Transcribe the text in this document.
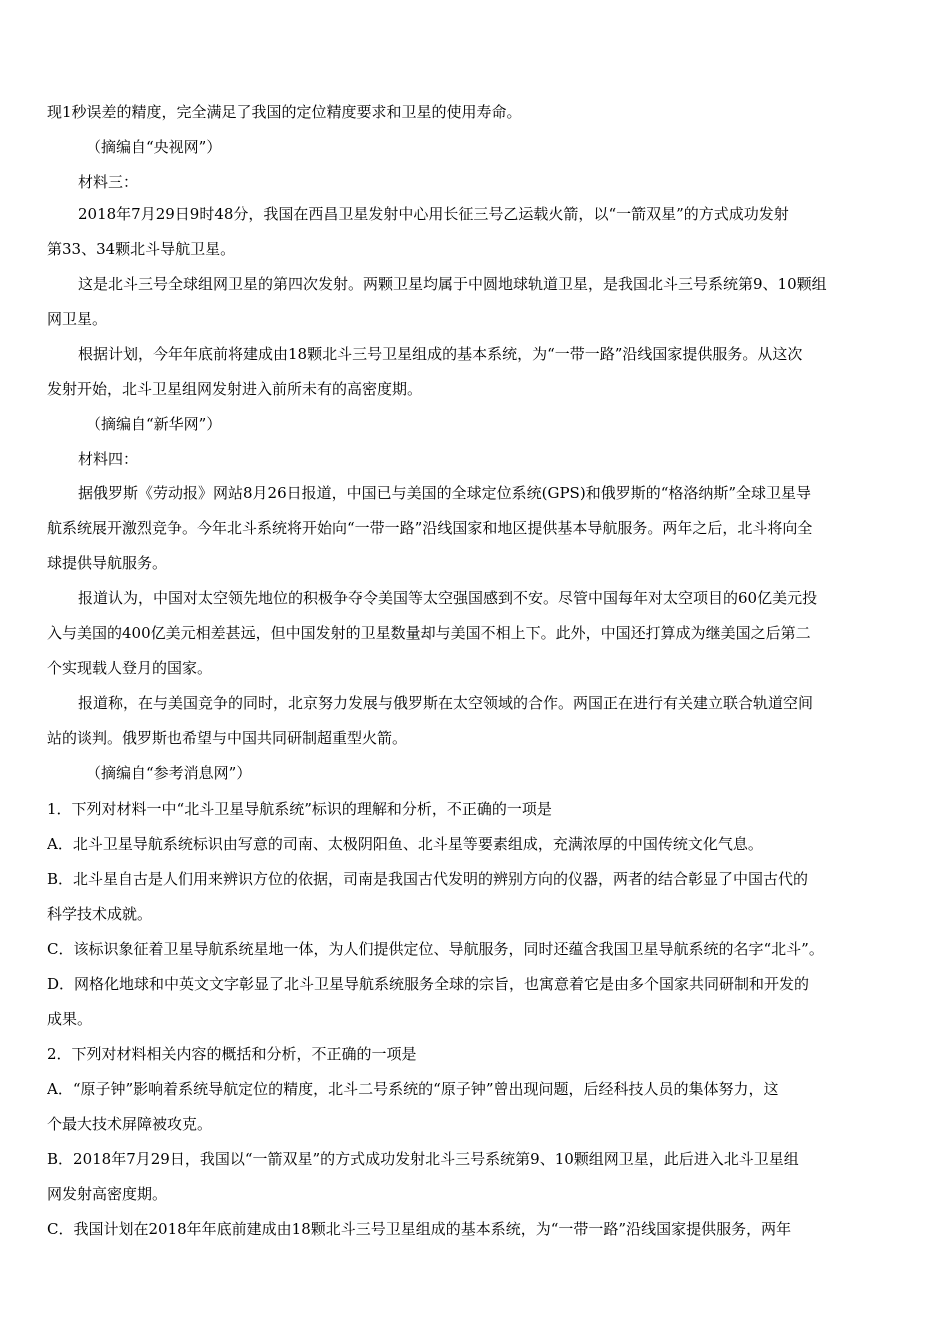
现1秒误差的精度，完全满足了我国的定位精度要求和卫星的使用寿命。
（摘编自“央视网”）
材料三：
2018年7月29日9时48分，我国在西昌卫星发射中心用长征三号乙运载火箭，以“一箭双星”的方式成功发射
第33、34颗北斗导航卫星。
这是北斗三号全球组网卫星的第四次发射。两颗卫星均属于中圆地球轨道卫星，是我国北斗三号系统第9、10颗组
网卫星。
根据计划，今年年底前将建成由18颗北斗三号卫星组成的基本系统，为“一带一路”沿线国家提供服务。从这次
发射开始，北斗卫星组网发射进入前所未有的高密度期。
（摘编自“新华网”）
材料四：
据俄罗斯《劳动报》网站8月26日报道，中国已与美国的全球定位系统(GPS)和俄罗斯的“格洛纳斯”全球卫星导
航系统展开激烈竞争。今年北斗系统将开始向“一带一路”沿线国家和地区提供基本导航服务。两年之后，北斗将向全
球提供导航服务。
报道认为，中国对太空领先地位的积极争夺令美国等太空强国感到不安。尽管中国每年对太空项目的60亿美元投
入与美国的400亿美元相差甚远，但中国发射的卫星数量却与美国不相上下。此外，中国还打算成为继美国之后第二
个实现载人登月的国家。
报道称，在与美国竞争的同时，北京努力发展与俄罗斯在太空领域的合作。两国正在进行有关建立联合轨道空间
站的谈判。俄罗斯也希望与中国共同研制超重型火箭。
（摘编自“参考消息网”）
1．下列对材料一中“北斗卫星导航系统”标识的理解和分析，不正确的一项是
A．北斗卫星导航系统标识由写意的司南、太极阴阳鱼、北斗星等要素组成，充满浓厚的中国传统文化气息。
B．北斗星自古是人们用来辨识方位的依据，司南是我国古代发明的辨别方向的仪器，两者的结合彰显了中国古代的
科学技术成就。
C．该标识象征着卫星导航系统星地一体，为人们提供定位、导航服务，同时还蕴含我国卫星导航系统的名字“北斗”。
D．网格化地球和中英文文字彰显了北斗卫星导航系统服务全球的宗旨，也寓意着它是由多个国家共同研制和开发的
成果。
2．下列对材料相关内容的概括和分析，不正确的一项是
A．“原子钟”影响着系统导航定位的精度，北斗二号系统的“原子钟”曾出现问题，后经科技人员的集体努力，这
个最大技术屏障被攻克。
B．2018年7月29日，我国以“一箭双星”的方式成功发射北斗三号系统第9、10颗组网卫星，此后进入北斗卫星组
网发射高密度期。
C．我国计划在2018年年底前建成由18颗北斗三号卫星组成的基本系统，为“一带一路”沿线国家提供服务，两年
